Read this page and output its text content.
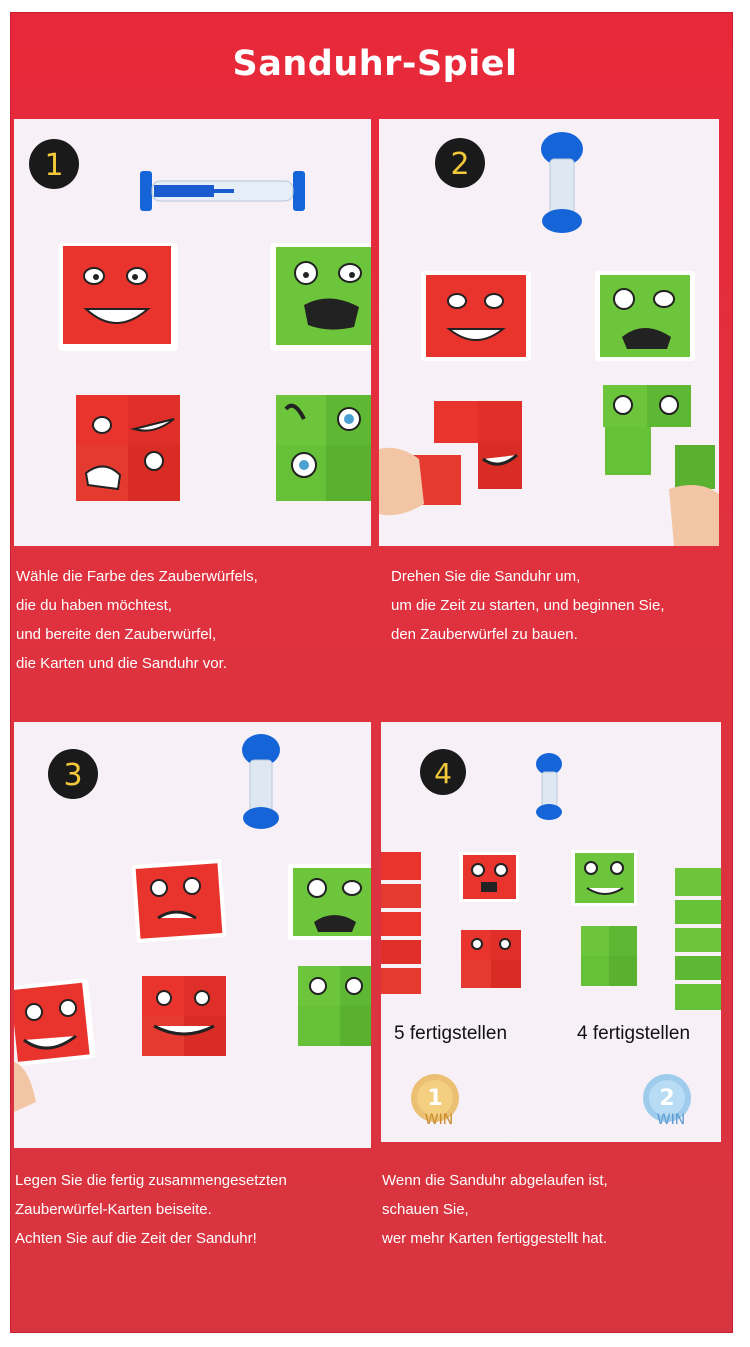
Sanduhr-Spiel
1	2
Wähle die Farbe des Zauberwürfels,
die du haben möchtest,
und bereite den Zauberwürfel,
die Karten und die Sanduhr vor.
Drehen Sie die Sanduhr um,
um die Zeit zu starten, und beginnen Sie,
den Zauberwürfel zu bauen.
3	4
1
WIN
2
WIN
5 fertigstellen	4 fertigstellen
Legen Sie die fertig zusammengesetzten
Zauberwürfel-Karten beiseite.
Achten Sie auf die Zeit der Sanduhr!
Wenn die Sanduhr abgelaufen ist,
schauen Sie,
wer mehr Karten fertiggestellt hat.
